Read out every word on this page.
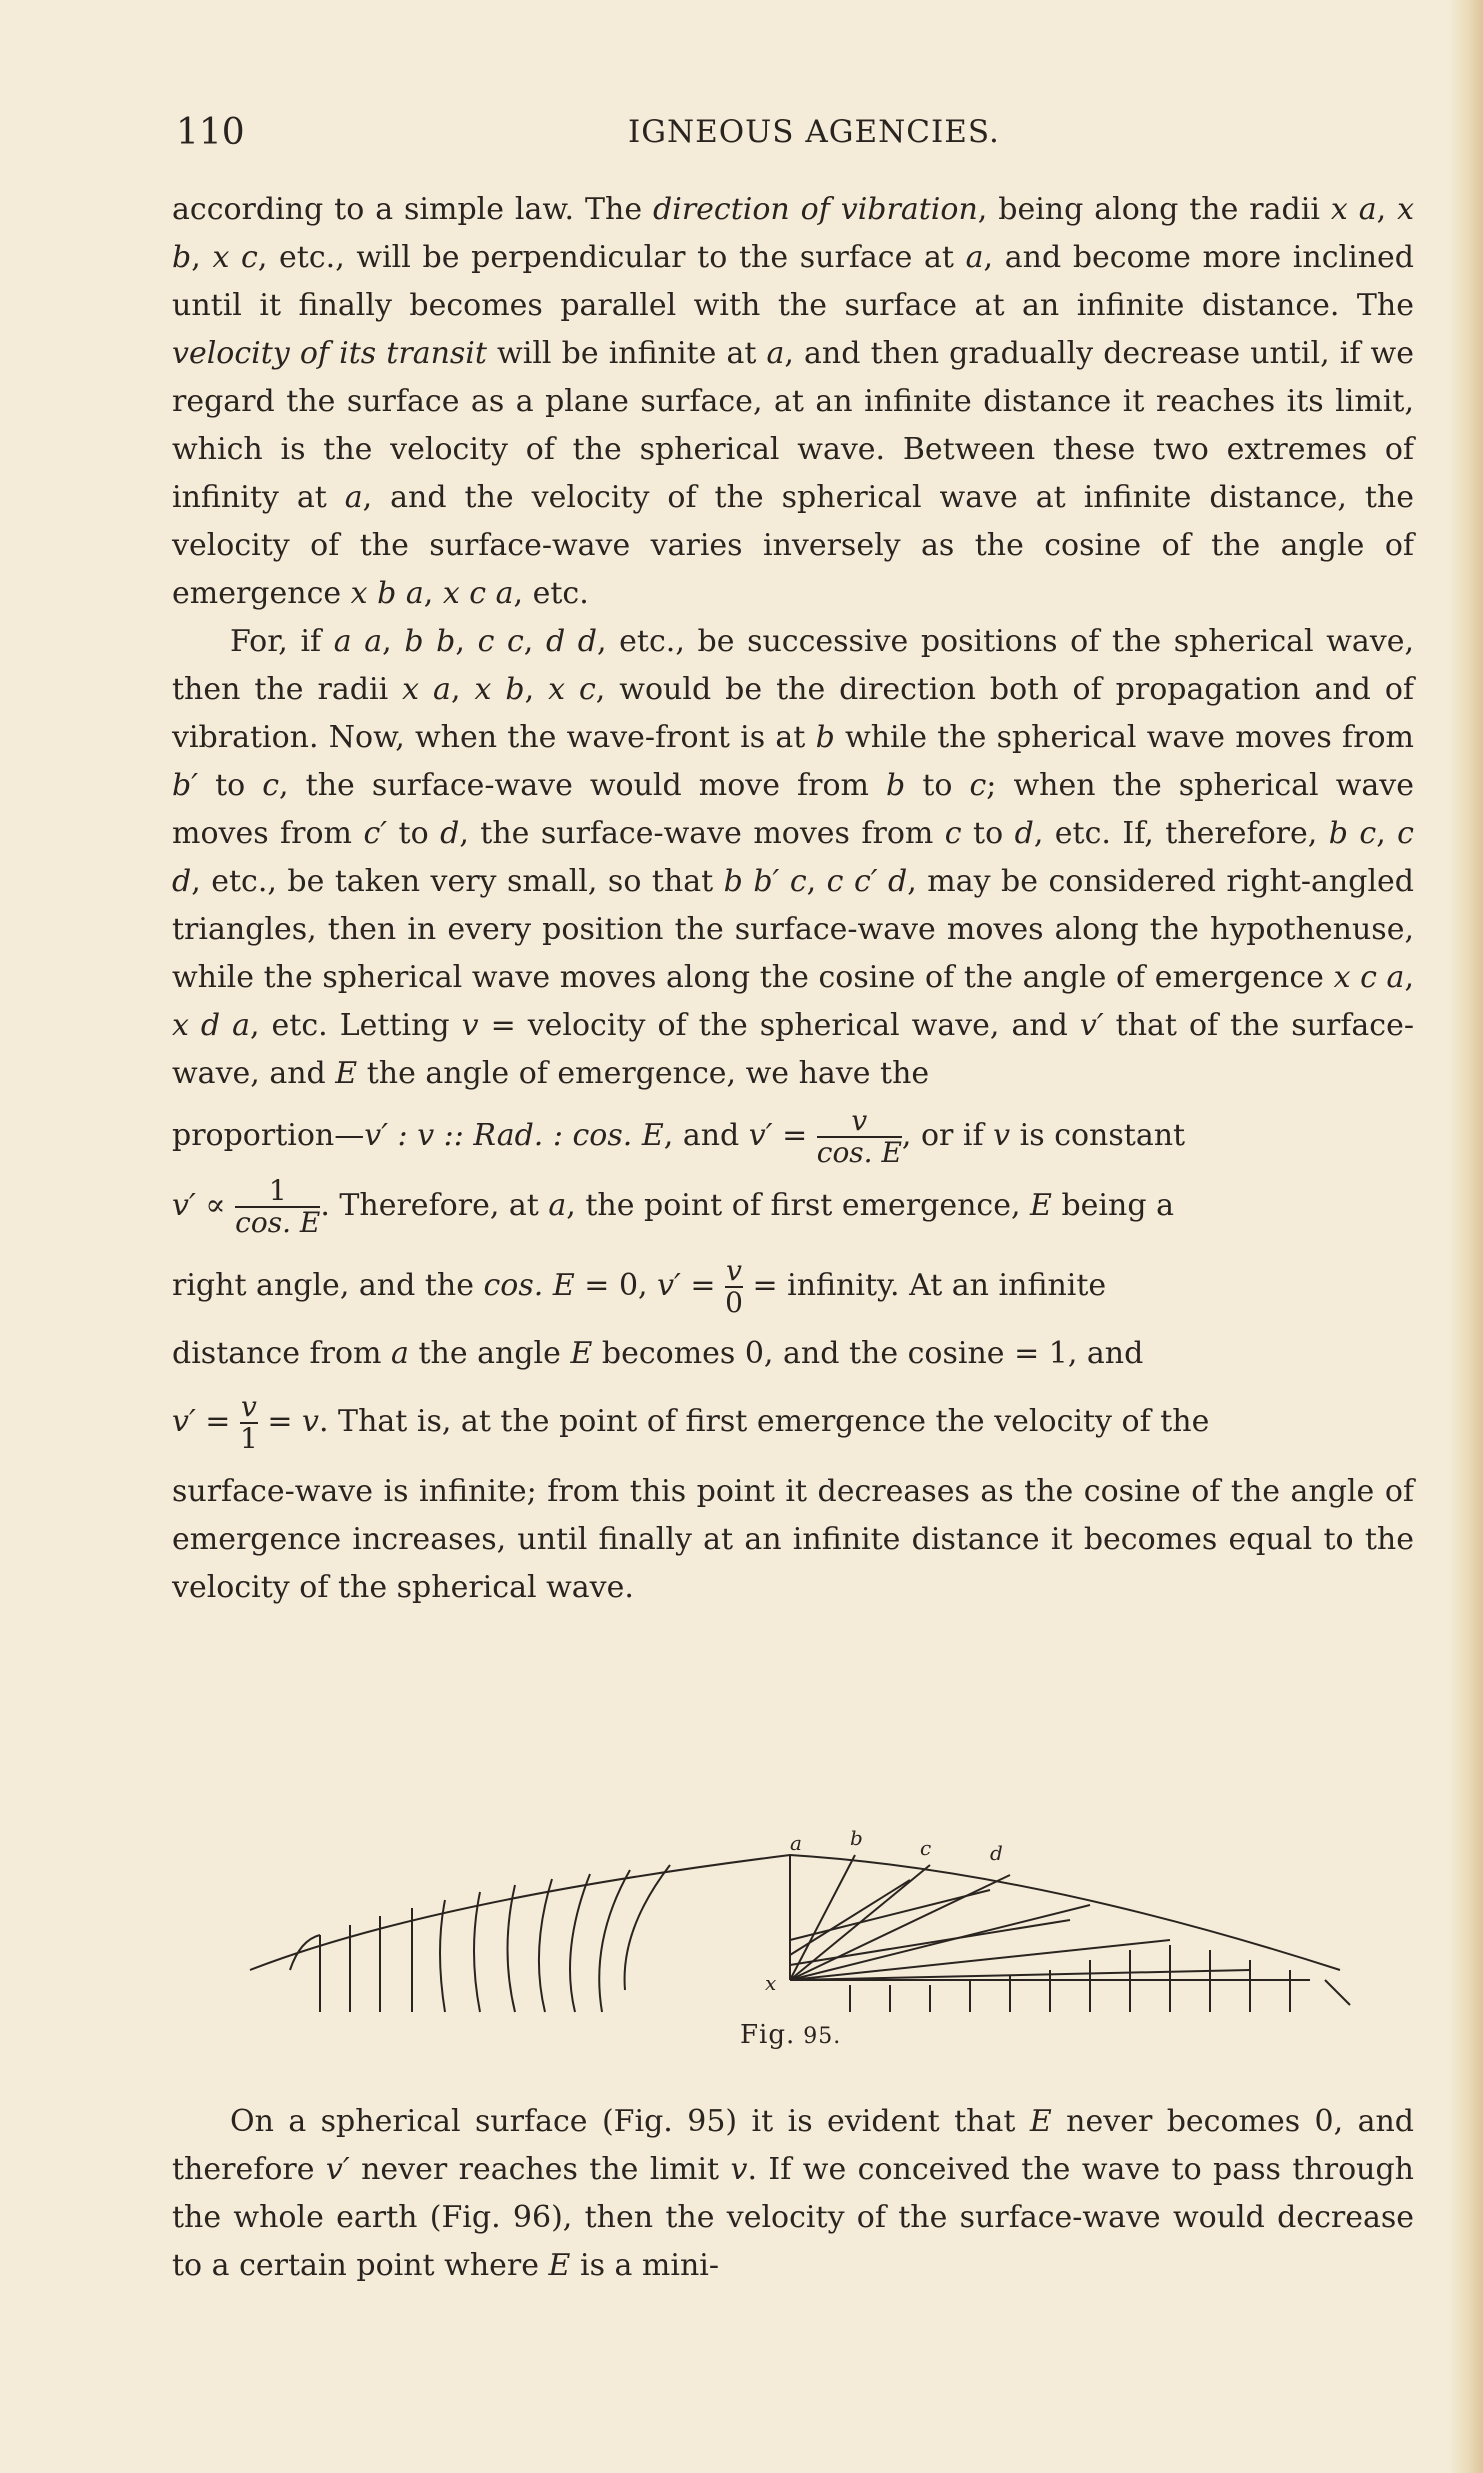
110	IGNEOUS AGENCIES.

according to a simple law. The direction of vibration, being along the radii x a, x b, x c, etc., will be perpendicular to the surface at a, and become more inclined until it finally becomes parallel with the surface at an infinite distance. The velocity of its transit will be infinite at a, and then gradually decrease until, if we regard the surface as a plane surface, at an infinite distance it reaches its limit, which is the velocity of the spherical wave. Between these two extremes of infinity at a, and the velocity of the spherical wave at infinite distance, the velocity of the surface-wave varies inversely as the cosine of the angle of emergence x b a, x c a, etc.

For, if a a, b b, c c, d d, etc., be successive positions of the spherical wave, then the radii x a, x b, x c, would be the direction both of propagation and of vibration. Now, when the wave-front is at b while the spherical wave moves from b′ to c, the surface-wave would move from b to c; when the spherical wave moves from c′ to d, the surface-wave moves from c to d, etc. If, therefore, b c, c d, etc., be taken very small, so that b b′ c, c c′ d, may be considered right-angled triangles, then in every position the surface-wave moves along the hypothenuse, while the spherical wave moves along the cosine of the angle of emergence x c a, x d a, etc. Letting v = velocity of the spherical wave, and v′ that of the surface-wave, and E the angle of emergence, we have the

proportion—v′ : v :: Rad. : cos. E, and $v' = \frac{v}{\cos. E}$ , or if v is constant
$v' \propto \frac{1}{\cos. E}$ . Therefore, at a, the point of first emergence, E being a
right angle, and the cos. E = 0, $v' = \frac{v}{0}$ = infinity. At an infinite
distance from a the angle E becomes 0, and the cosine = 1, and
$v' = \frac{v}{1} = v$. That is, at the point of first emergence the velocity of the

surface-wave is infinite; from this point it decreases as the cosine of the angle of emergence increases, until finally at an infinite distance it becomes equal to the velocity of the spherical wave.

a b	c	d
x
Fig. 95.

On a spherical surface (Fig. 95) it is evident that E never becomes 0, and therefore v′ never reaches the limit v. If we conceived the wave to pass through the whole earth (Fig. 96), then the velocity of the surface-wave would decrease to a certain point where E is a mini-
